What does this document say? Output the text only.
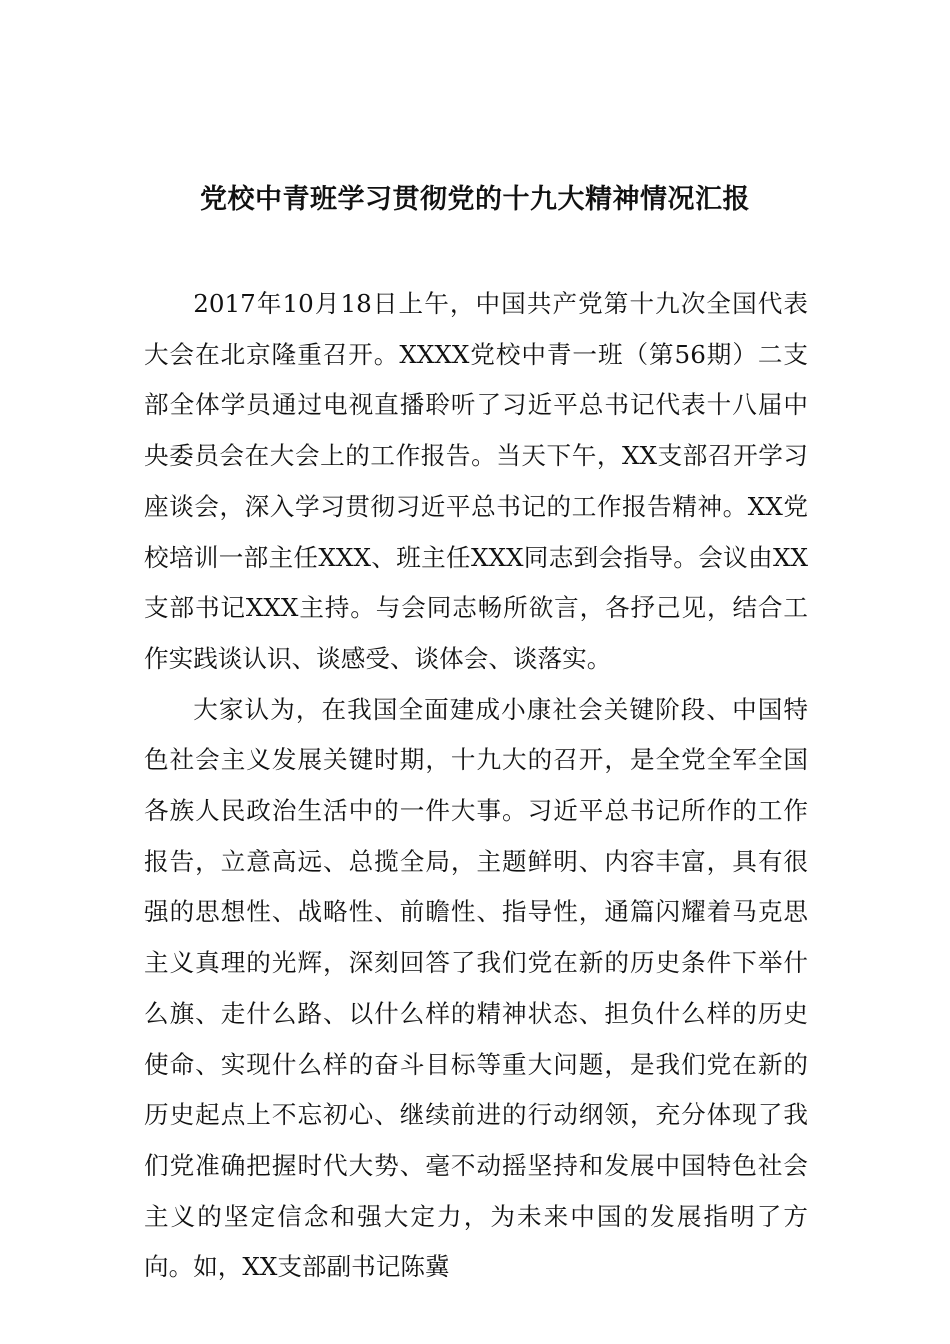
党校中青班学习贯彻党的十九大精神情况汇报

2017年10月18日上午，中国共产党第十九次全国代表大会在北京隆重召开。XXXX党校中青一班（第56期）二支部全体学员通过电视直播聆听了习近平总书记代表十八届中央委员会在大会上的工作报告。当天下午，XX支部召开学习座谈会，深入学习贯彻习近平总书记的工作报告精神。XX党校培训一部主任XXX、班主任XXX同志到会指导。会议由XX支部书记XXX主持。与会同志畅所欲言，各抒己见，结合工作实践谈认识、谈感受、谈体会、谈落实。

大家认为，在我国全面建成小康社会关键阶段、中国特色社会主义发展关键时期，十九大的召开，是全党全军全国各族人民政治生活中的一件大事。习近平总书记所作的工作报告，立意高远、总揽全局，主题鲜明、内容丰富，具有很强的思想性、战略性、前瞻性、指导性，通篇闪耀着马克思主义真理的光辉，深刻回答了我们党在新的历史条件下举什么旗、走什么路、以什么样的精神状态、担负什么样的历史使命、实现什么样的奋斗目标等重大问题，是我们党在新的历史起点上不忘初心、继续前进的行动纲领，充分体现了我们党准确把握时代大势、毫不动摇坚持和发展中国特色社会主义的坚定信念和强大定力，为未来中国的发展指明了方向。如，XX支部副书记陈冀
